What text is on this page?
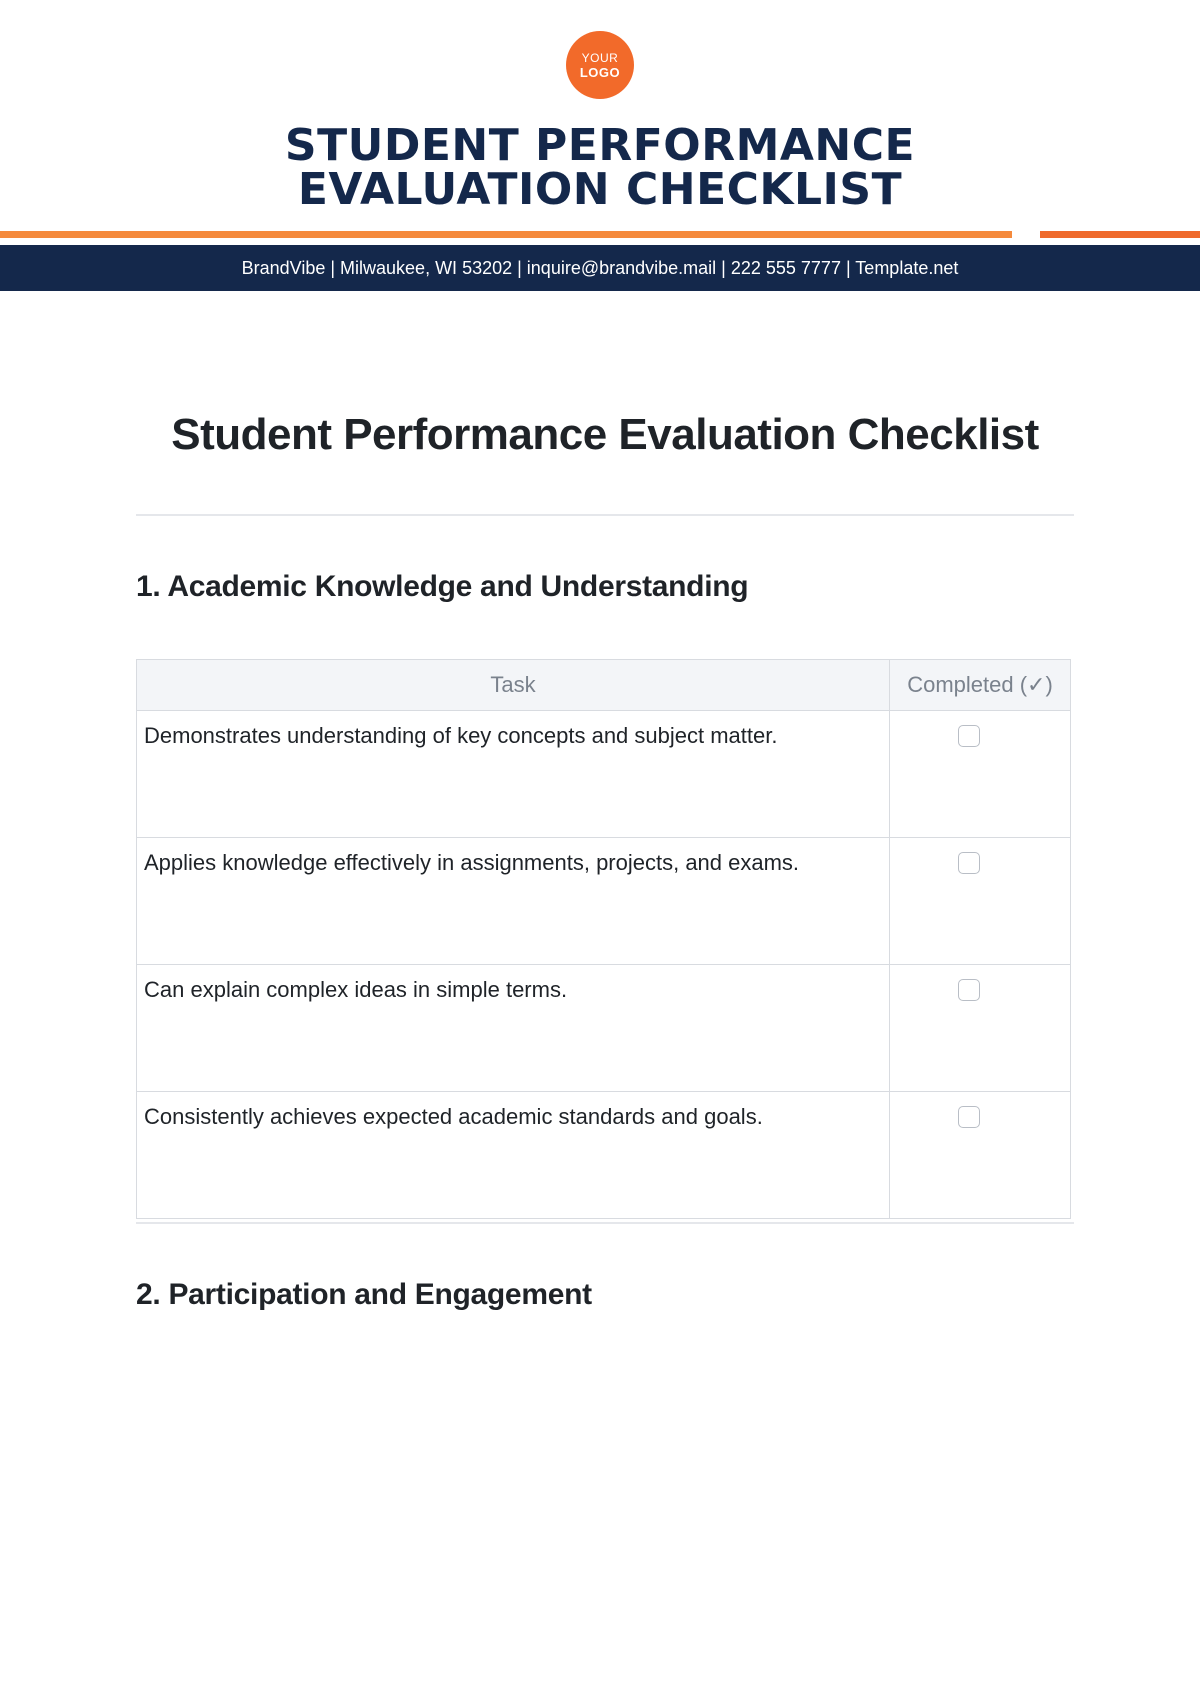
YOUR
LOGO
STUDENT PERFORMANCE
EVALUATION CHECKLIST
BrandVibe | Milwaukee, WI 53202 | inquire@brandvibe.mail | 222 555 7777 | Template.net
Student Performance Evaluation Checklist
1. Academic Knowledge and Understanding
Task	Completed (✓)
Demonstrates understanding of key concepts and subject matter.	

Applies knowledge effectively in assignments, projects, and exams.	

Can explain complex ideas in simple terms.	

Consistently achieves expected academic standards and goals.	
2. Participation and Engagement
